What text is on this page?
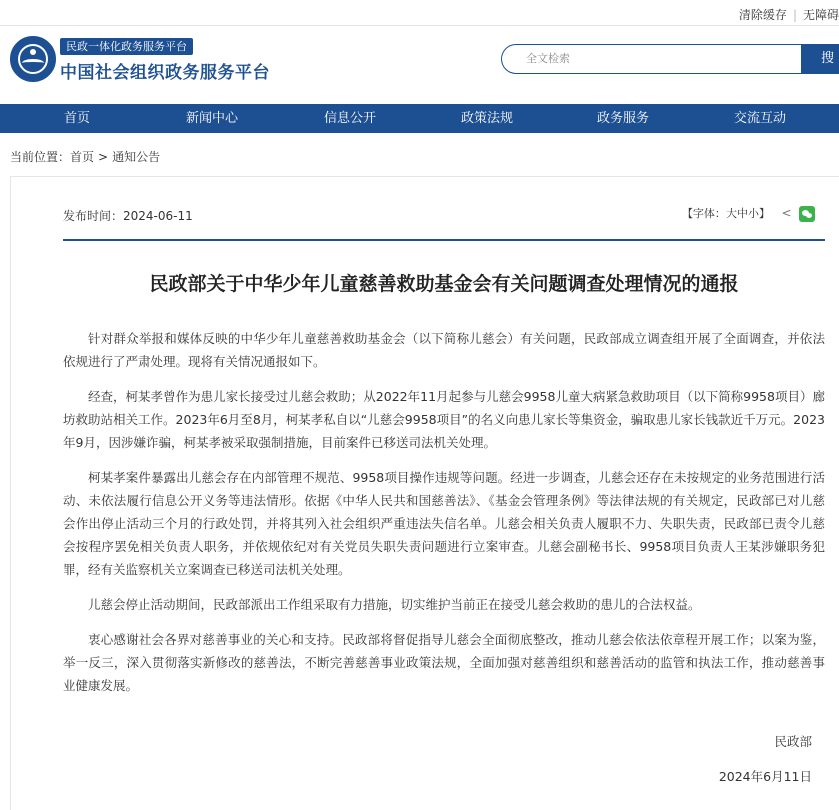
清除缓存 | 无障碍
民政一体化政务服务平台
中国社会组织政务服务平台
全文检索	搜索
首页	新闻中心	信息公开	政策法规	政务服务	交流互动
当前位置：首页 > 通知公告
发布时间：2024-06-11	【字体：大中小】 <
民政部关于中华少年儿童慈善救助基金会有关问题调查处理情况的通报

针对群众举报和媒体反映的中华少年儿童慈善救助基金会（以下简称儿慈会）有关问题，民政部成立调查组开展了全面调查，并依法依规进行了严肃处理。现将有关情况通报如下。

经查，柯某孝曾作为患儿家长接受过儿慈会救助；从2022年11月起参与儿慈会9958儿童大病紧急救助项目（以下简称9958项目）廊坊救助站相关工作。2023年6月至8月，柯某孝私自以“儿慈会9958项目”的名义向患儿家长等集资金，骗取患儿家长钱款近千万元。2023年9月，因涉嫌诈骗，柯某孝被采取强制措施，目前案件已移送司法机关处理。

柯某孝案件暴露出儿慈会存在内部管理不规范、9958项目操作违规等问题。经进一步调查，儿慈会还存在未按规定的业务范围进行活动、未依法履行信息公开义务等违法情形。依据《中华人民共和国慈善法》、《基金会管理条例》等法律法规的有关规定，民政部已对儿慈会作出停止活动三个月的行政处罚，并将其列入社会组织严重违法失信名单。儿慈会相关负责人履职不力、失职失责，民政部已责令儿慈会按程序罢免相关负责人职务，并依规依纪对有关党员失职失责问题进行立案审查。儿慈会副秘书长、9958项目负责人王某涉嫌职务犯罪，经有关监察机关立案调查已移送司法机关处理。

儿慈会停止活动期间，民政部派出工作组采取有力措施，切实维护当前正在接受儿慈会救助的患儿的合法权益。

衷心感谢社会各界对慈善事业的关心和支持。民政部将督促指导儿慈会全面彻底整改，推动儿慈会依法依章程开展工作；以案为鉴，举一反三，深入贯彻落实新修改的慈善法，不断完善慈善事业政策法规，全面加强对慈善组织和慈善活动的监管和执法工作，推动慈善事业健康发展。

民政部
2024年6月11日
